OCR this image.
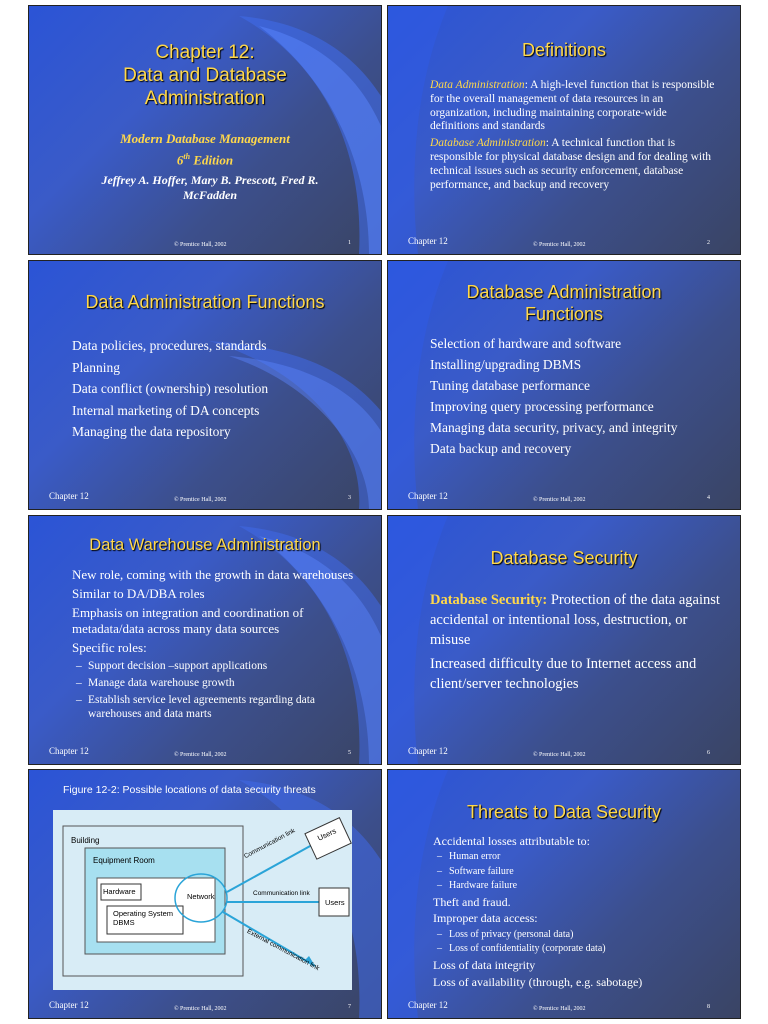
Chapter 12:
Data and Database
Administration
Modern Database Management
6th Edition
Jeffrey A. Hoffer, Mary B. Prescott, Fred R. McFadden
© Prentice Hall, 2002	1
Definitions
Data Administration: A high-level function that is responsible for the overall management of data resources in an organization, including maintaining corporate-wide definitions and standards
Database Administration: A technical function that is responsible for physical database design and for dealing with technical issues such as security enforcement, database performance, and backup and recovery
Chapter 12	© Prentice Hall, 2002	2
Data Administration Functions
Data policies, procedures, standards
Planning
Data conflict (ownership) resolution
Internal marketing of DA concepts
Managing the data repository
Chapter 12	© Prentice Hall, 2002	3
Database Administration
Functions
Selection of hardware and software
Installing/upgrading DBMS
Tuning database performance
Improving query processing performance
Managing data security, privacy, and integrity
Data backup and recovery
Chapter 12	© Prentice Hall, 2002	4
Data Warehouse Administration
New role, coming with the growth in data warehouses
Similar to DA/DBA roles
Emphasis on integration and coordination of metadata/data across many data sources
Specific roles:
– Support decision –support applications
– Manage data warehouse growth
– Establish service level agreements regarding data warehouses and data marts
Chapter 12	© Prentice Hall, 2002	5
Database Security
Database Security: Protection of the data against accidental or intentional loss, destruction, or misuse
Increased difficulty due to Internet access and client/server technologies
Chapter 12	© Prentice Hall, 2002	6
Figure 12-2: Possible locations of data security threats
Building
Equipment Room
Hardware
Network
Operating System
DBMS
Communication link
Communication link
External communication link
Users
Users
Chapter 12	© Prentice Hall, 2002	7
Threats to Data Security
Accidental losses attributable to:
– Human error
– Software failure
– Hardware failure
Theft and fraud.
Improper data access:
– Loss of privacy (personal data)
– Loss of confidentiality (corporate data)
Loss of data integrity
Loss of availability (through, e.g. sabotage)
Chapter 12	© Prentice Hall, 2002	8
